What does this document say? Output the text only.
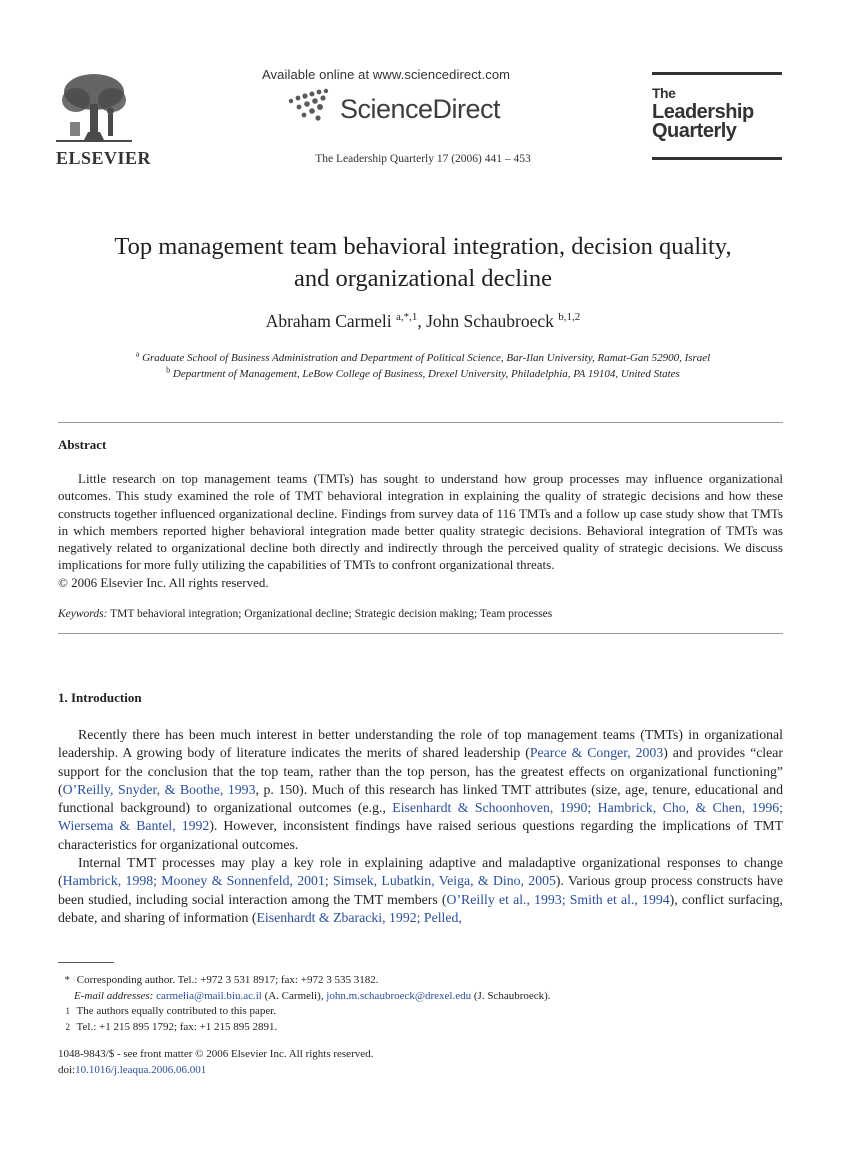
Available online at www.sciencedirect.com
ScienceDirect
The Leadership Quarterly 17 (2006) 441 – 453
ELSEVIER
The
Leadership
Quarterly
Top management team behavioral integration, decision quality,
and organizational decline
Abraham Carmeli $^{a,*,1}$, John Schaubroeck $^{b,1,2}$
$^a$ Graduate School of Business Administration and Department of Political Science, Bar-Ilan University, Ramat-Gan 52900, Israel
$^b$ Department of Management, LeBow College of Business, Drexel University, Philadelphia, PA 19104, United States
Abstract

Little research on top management teams (TMTs) has sought to understand how group processes may influence organizational outcomes. This study examined the role of TMT behavioral integration in explaining the quality of strategic decisions and how these constructs together influenced organizational decline. Findings from survey data of 116 TMTs and a follow up case study show that TMTs in which members reported higher behavioral integration made better quality strategic decisions. Behavioral integration of TMTs was negatively related to organizational decline both directly and indirectly through the perceived quality of strategic decisions. We discuss implications for more fully utilizing the capabilities of TMTs to confront organizational threats.

© 2006 Elsevier Inc. All rights reserved.

Keywords: TMT behavioral integration; Organizational decline; Strategic decision making; Team processes
1. Introduction

Recently there has been much interest in better understanding the role of top management teams (TMTs) in organizational leadership. A growing body of literature indicates the merits of shared leadership (Pearce & Conger, 2003) and provides “clear support for the conclusion that the top team, rather than the top person, has the greatest effects on organizational functioning” (O’Reilly, Snyder, & Boothe, 1993, p. 150). Much of this research has linked TMT attributes (size, age, tenure, educational and functional background) to organizational outcomes (e.g., Eisenhardt & Schoonhoven, 1990; Hambrick, Cho, & Chen, 1996; Wiersema & Bantel, 1992). However, inconsistent findings have raised serious questions regarding the implications of TMT characteristics for organizational outcomes.

Internal TMT processes may play a key role in explaining adaptive and maladaptive organizational responses to change (Hambrick, 1998; Mooney & Sonnenfeld, 2001; Simsek, Lubatkin, Veiga, & Dino, 2005). Various group process constructs have been studied, including social interaction among the TMT members (O’Reilly et al., 1993; Smith et al., 1994), conflict surfacing, debate, and sharing of information (Eisenhardt & Zbaracki, 1992; Pelled,

* Corresponding author. Tel.: +972 3 531 8917; fax: +972 3 535 3182.
E-mail addresses: carmelia@mail.biu.ac.il (A. Carmeli), john.m.schaubroeck@drexel.edu (J. Schaubroeck).
1 The authors equally contributed to this paper.
2 Tel.: +1 215 895 1792; fax: +1 215 895 2891.
1048-9843/$ - see front matter © 2006 Elsevier Inc. All rights reserved.
doi:10.1016/j.leaqua.2006.06.001
